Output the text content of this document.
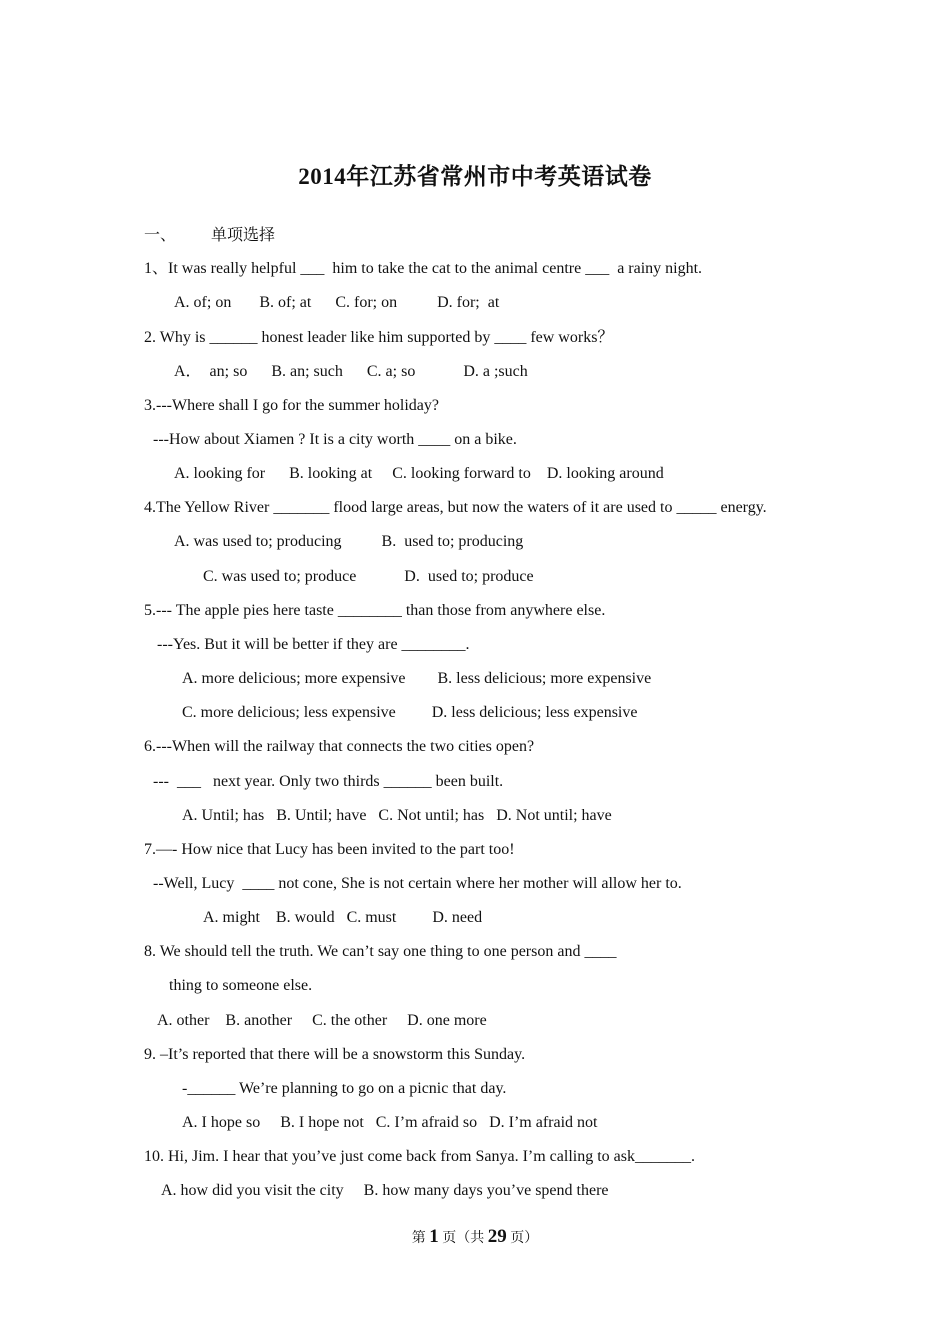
2014年江苏省常州市中考英语试卷
一、 单项选择
1、It was really helpful ___  him to take the cat to the animal centre ___  a rainy night.
A. of; on       B. of; at      C. for; on          D. for;  at
2. Why is ______ honest leader like him supported by ____ few works？
A．  an; so      B. an; such      C. a; so            D. a ;such
3.---Where shall I go for the summer holiday?
---How about Xiamen ? It is a city worth ____ on a bike.
A. looking for      B. looking at     C. looking forward to    D. looking around
4.The Yellow River _______ flood large areas, but now the waters of it are used to _____ energy.
A. was used to; producing          B.  used to; producing
C. was used to; produce            D.  used to; produce
5.--- The apple pies here taste ________ than those from anywhere else.
---Yes. But it will be better if they are ________.
A. more delicious; more expensive        B. less delicious; more expensive
C. more delicious; less expensive         D. less delicious; less expensive
6.---When will the railway that connects the two cities open?
---  ___   next year. Only two thirds ______ been built.
A. Until; has   B. Until; have   C. Not until; has   D. Not until; have
7.—- How nice that Lucy has been invited to the part too!
--Well, Lucy  ____ not cone, She is not certain where her mother will allow her to.
A. might    B. would   C. must         D. need
8. We should tell the truth. We can’t say one thing to one person and ____
thing to someone else.
A. other    B. another     C. the other     D. one more
9. –It’s reported that there will be a snowstorm this Sunday.
-______ We’re planning to go on a picnic that day.
A. I hope so     B. I hope not   C. I’m afraid so   D. I’m afraid not
10. Hi, Jim. I hear that you’ve just come back from Sanya. I’m calling to ask_______.
A. how did you visit the city     B. how many days you’ve spend there
第 1 页（共 29 页）
